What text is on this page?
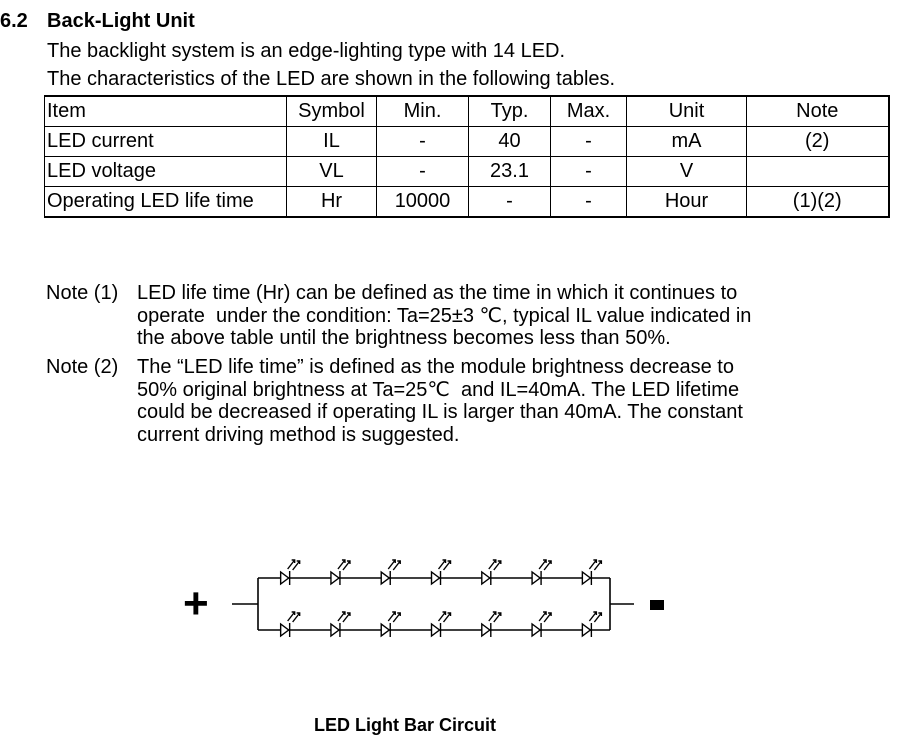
6.2 Back-Light Unit
The backlight system is an edge-lighting type with 14 LED.
The characteristics of the LED are shown in the following tables.
Item	Symbol	Min.	Typ.	Max.	Unit	Note
LED current	IL	-	40	-	mA	(2)
LED voltage	VL	-	23.1	-	V	
Operating LED life time	Hr	10000	-	-	Hour	(1)(2)
Note (1) LED life time (Hr) can be defined as the time in which it continues to
operate  under the condition: Ta=25±3 ℃, typical IL value indicated in
the above table until the brightness becomes less than 50%.
Note (2) The “LED life time” is defined as the module brightness decrease to
50% original brightness at Ta=25℃  and IL=40mA. The LED lifetime
could be decreased if operating IL is larger than 40mA. The constant
current driving method is suggested.
+
LED Light Bar Circuit
